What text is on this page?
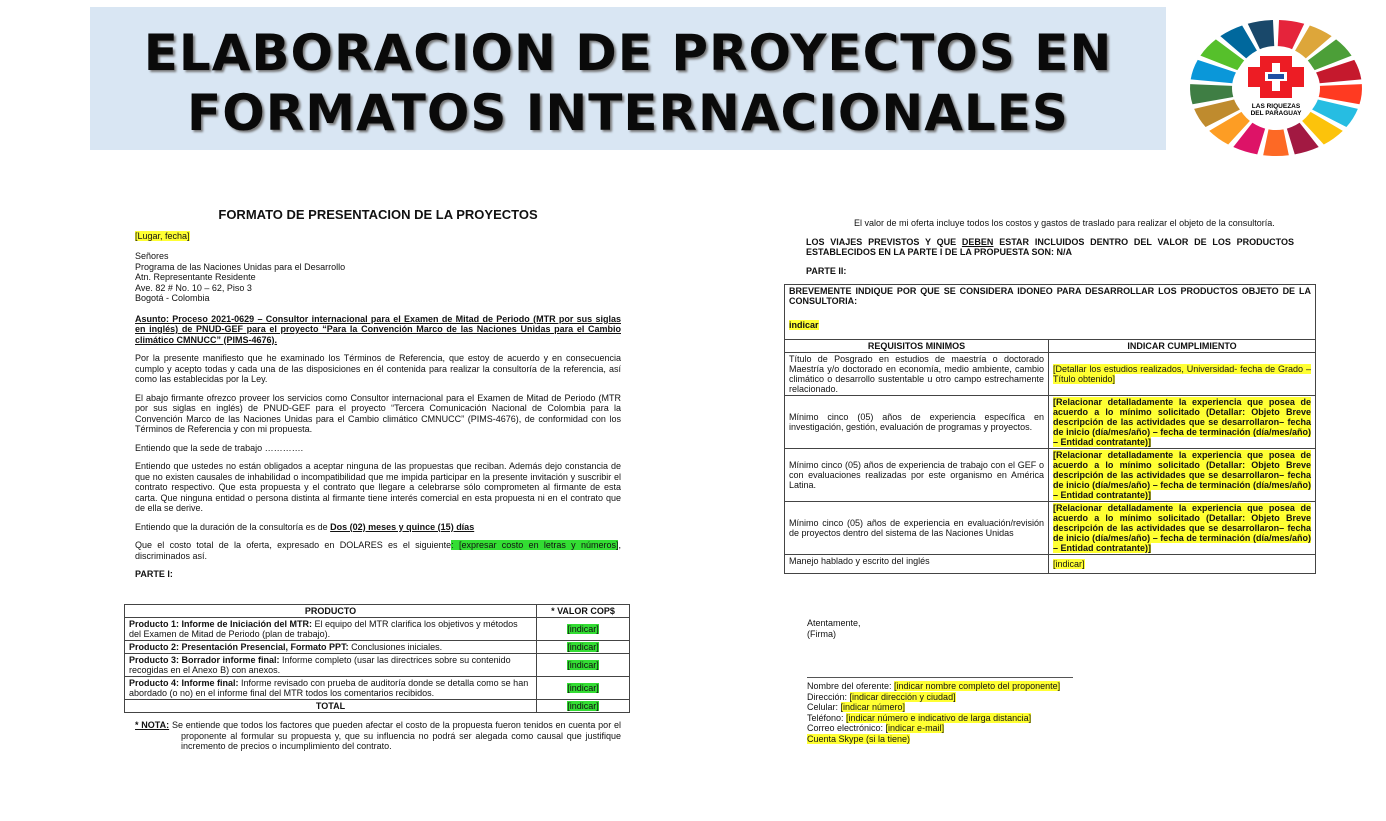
ELABORACION DE PROYECTOS EN
FORMATOS INTERNACIONALES	LAS RIQUEZAS
DEL PARAGUAY
FORMATO DE PRESENTACION DE LA PROYECTOS

[Lugar, fecha]

Señores
Programa de las Naciones Unidas para el Desarrollo
Atn. Representante Residente
Ave. 82 # No. 10 – 62, Piso 3
Bogotá - Colombia

Asunto: Proceso 2021-0629 – Consultor internacional para el Examen de Mitad de Periodo (MTR por sus siglas en inglés) de PNUD-GEF para el proyecto “Para la Convención Marco de las Naciones Unidas para el Cambio climático CMNUCC” (PIMS-4676).

Por la presente manifiesto que he examinado los Términos de Referencia, que estoy de acuerdo y en consecuencia cumplo y acepto todas y cada una de las disposiciones en él contenida para realizar la consultoría de la referencia, así como las establecidas por la Ley.

El abajo firmante ofrezco proveer los servicios como Consultor internacional para el Examen de Mitad de Periodo (MTR por sus siglas en inglés) de PNUD-GEF para el proyecto “Tercera Comunicación Nacional de Colombia para la Convención Marco de las Naciones Unidas para el Cambio climático CMNUCC” (PIMS-4676), de conformidad con los Términos de Referencia y con mi propuesta.

Entiendo que la sede de trabajo ………….

Entiendo que ustedes no están obligados a aceptar ninguna de las propuestas que reciban. Además dejo constancia de que no existen causales de inhabilidad o incompatibilidad que me impida participar en la presente invitación y suscribir el contrato respectivo. Que esta propuesta y el contrato que llegare a celebrarse sólo comprometen al firmante de esta carta. Que ninguna entidad o persona distinta al firmante tiene interés comercial en esta propuesta ni en el contrato que de ella se derive.

Entiendo que la duración de la consultoría es de Dos (02) meses y quince (15) días

Que el costo total de la oferta, expresado en DOLARES es el siguiente: [expresar costo en letras y números], discriminados así.

PARTE I:

PRODUCTO	* VALOR COP$
Producto 1: Informe de Iniciación del MTR: El equipo del MTR clarifica los objetivos y métodos del Examen de Mitad de Periodo (plan de trabajo).	[indicar]
Producto 2: Presentación Presencial, Formato PPT: Conclusiones iniciales.	[indicar]
Producto 3: Borrador informe final: Informe completo (usar las directrices sobre su contenido recogidas en el Anexo B) con anexos.	[indicar]
Producto 4: Informe final: Informe revisado con prueba de auditoría donde se detalla como se han abordado (o no) en el informe final del MTR todos los comentarios recibidos.	[indicar]
TOTAL	[indicar]

* NOTA: Se entiende que todos los factores que pueden afectar el costo de la propuesta fueron tenidos en cuenta por el proponente al formular su propuesta y, que su influencia no podrá ser alegada como causal que justifique incremento de precios o incumplimiento del contrato.

El valor de mi oferta incluye todos los costos y gastos de traslado para realizar el objeto de la consultoría.

LOS VIAJES PREVISTOS Y QUE DEBEN ESTAR INCLUIDOS DENTRO DEL VALOR DE LOS PRODUCTOS ESTABLECIDOS EN LA PARTE I DE LA PROPUESTA SON: N/A

PARTE II:

BREVEMENTE INDIQUE POR QUE SE CONSIDERA IDONEO PARA DESARROLLAR LOS PRODUCTOS OBJETO DE LA CONSULTORIA:
indicar	

REQUISITOS MINIMOS	INDICAR CUMPLIMIENTO
Título de Posgrado en estudios de maestría o doctorado Maestría y/o doctorado en economía, medio ambiente, cambio climático o desarrollo sustentable u otro campo estrechamente relacionado.	[Detallar los estudios realizados, Universidad- fecha de Grado – Título obtenido]
Mínimo cinco (05) años de experiencia específica en investigación, gestión, evaluación de programas y proyectos.	[Relacionar detalladamente la experiencia que posea de acuerdo a lo mínimo solicitado (Detallar: Objeto Breve descripción de las actividades que se desarrollaron– fecha de inicio (día/mes/año) – fecha de terminación (día/mes/año) – Entidad contratante)]
Mínimo cinco (05) años de experiencia de trabajo con el GEF o con evaluaciones realizadas por este organismo en América Latina.	[Relacionar detalladamente la experiencia que posea de acuerdo a lo mínimo solicitado (Detallar: Objeto Breve descripción de las actividades que se desarrollaron– fecha de inicio (día/mes/año) – fecha de terminación (día/mes/año) – Entidad contratante)]
Mínimo cinco (05) años de experiencia en evaluación/revisión de proyectos dentro del sistema de las Naciones Unidas	[Relacionar detalladamente la experiencia que posea de acuerdo a lo mínimo solicitado (Detallar: Objeto Breve descripción de las actividades que se desarrollaron– fecha de inicio (día/mes/año) – fecha de terminación (día/mes/año) – Entidad contratante)]
Manejo hablado y escrito del inglés	[indicar]
Atentamente,
(Firma)
Nombre del oferente: [indicar nombre completo del proponente]
Dirección: [indicar dirección y ciudad]
Celular: [indicar número]
Teléfono: [indicar número e indicativo de larga distancia]
Correo electrónico: [indicar e-mail]
Cuenta Skype (si la tiene)
